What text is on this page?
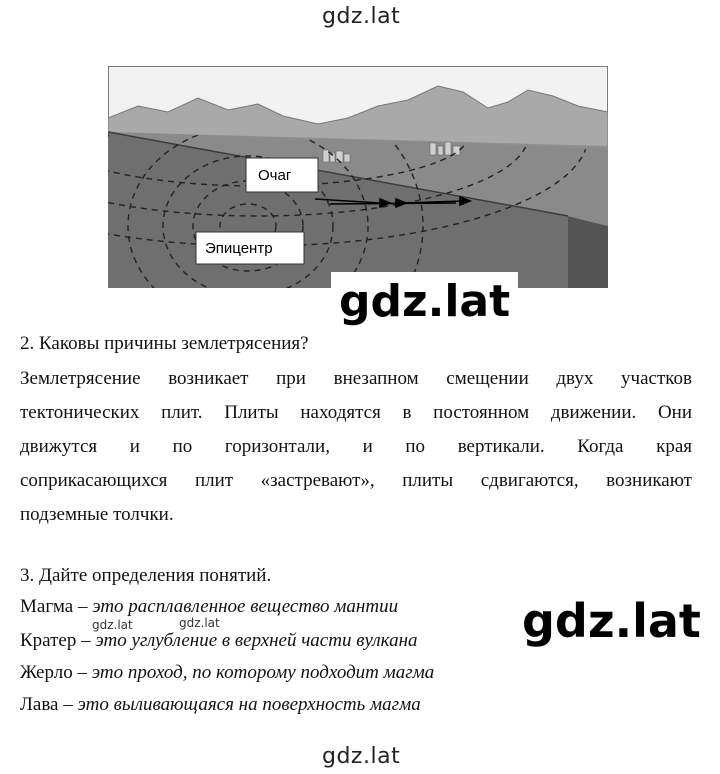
gdz.lat
Очаг
Эпицентр
gdz.lat
2. Каковы причины землетрясения?
Землетрясение возникает при внезапном смещении двух участков
тектонических плит. Плиты находятся в постоянном движении. Они
движутся и по горизонтали, и по вертикали. Когда края
соприкасающихся плит «застревают», плиты сдвигаются, возникают
подземные толчки.
3. Дайте определения понятий.
Магма – это расплавленное вещество мантии
Кратер – это углубление в верхней части вулкана
Жерло – это проход, по которому подходит магма
Лава – это выливающаяся на поверхность магма
gdz.lat	gdz.lat	gdz.lat
gdz.lat
